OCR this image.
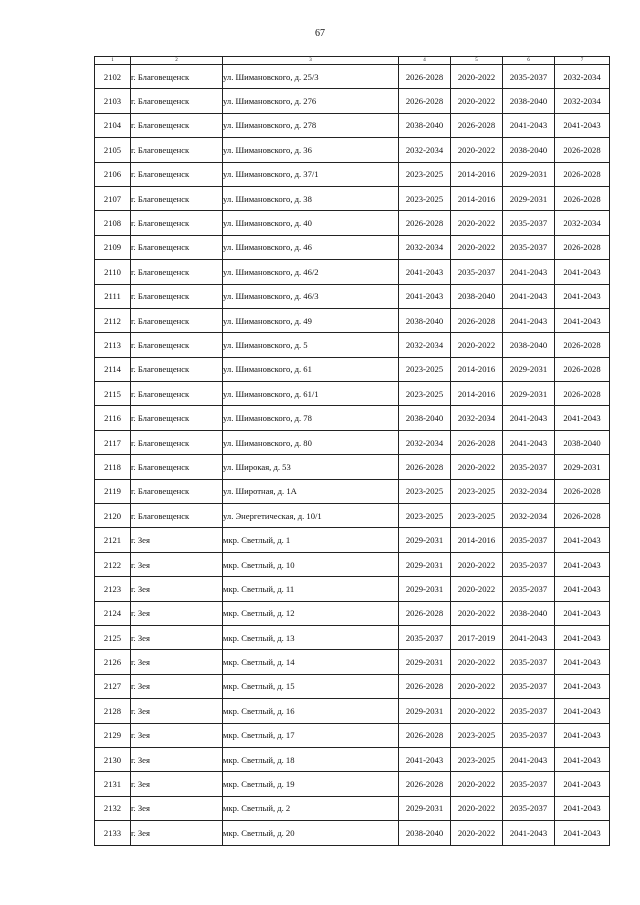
67
1	2	3	4	5	6	7
2102	г. Благовещенск	ул. Шимановского, д. 25/3	2026-2028	2020-2022	2035-2037	2032-2034
2103	г. Благовещенск	ул. Шимановского, д. 276	2026-2028	2020-2022	2038-2040	2032-2034
2104	г. Благовещенск	ул. Шимановского, д. 278	2038-2040	2026-2028	2041-2043	2041-2043
2105	г. Благовещенск	ул. Шимановского, д. 36	2032-2034	2020-2022	2038-2040	2026-2028
2106	г. Благовещенск	ул. Шимановского, д. 37/1	2023-2025	2014-2016	2029-2031	2026-2028
2107	г. Благовещенск	ул. Шимановского, д. 38	2023-2025	2014-2016	2029-2031	2026-2028
2108	г. Благовещенск	ул. Шимановского, д. 40	2026-2028	2020-2022	2035-2037	2032-2034
2109	г. Благовещенск	ул. Шимановского, д. 46	2032-2034	2020-2022	2035-2037	2026-2028
2110	г. Благовещенск	ул. Шимановского, д. 46/2	2041-2043	2035-2037	2041-2043	2041-2043
2111	г. Благовещенск	ул. Шимановского, д. 46/3	2041-2043	2038-2040	2041-2043	2041-2043
2112	г. Благовещенск	ул. Шимановского, д. 49	2038-2040	2026-2028	2041-2043	2041-2043
2113	г. Благовещенск	ул. Шимановского, д. 5	2032-2034	2020-2022	2038-2040	2026-2028
2114	г. Благовещенск	ул. Шимановского, д. 61	2023-2025	2014-2016	2029-2031	2026-2028
2115	г. Благовещенск	ул. Шимановского, д. 61/1	2023-2025	2014-2016	2029-2031	2026-2028
2116	г. Благовещенск	ул. Шимановского, д. 78	2038-2040	2032-2034	2041-2043	2041-2043
2117	г. Благовещенск	ул. Шимановского, д. 80	2032-2034	2026-2028	2041-2043	2038-2040
2118	г. Благовещенск	ул. Широкая, д. 53	2026-2028	2020-2022	2035-2037	2029-2031
2119	г. Благовещенск	ул. Широтная, д. 1А	2023-2025	2023-2025	2032-2034	2026-2028
2120	г. Благовещенск	ул. Энергетическая, д. 10/1	2023-2025	2023-2025	2032-2034	2026-2028
2121	г. Зея	мкр. Светлый, д. 1	2029-2031	2014-2016	2035-2037	2041-2043
2122	г. Зея	мкр. Светлый, д. 10	2029-2031	2020-2022	2035-2037	2041-2043
2123	г. Зея	мкр. Светлый, д. 11	2029-2031	2020-2022	2035-2037	2041-2043
2124	г. Зея	мкр. Светлый, д. 12	2026-2028	2020-2022	2038-2040	2041-2043
2125	г. Зея	мкр. Светлый, д. 13	2035-2037	2017-2019	2041-2043	2041-2043
2126	г. Зея	мкр. Светлый, д. 14	2029-2031	2020-2022	2035-2037	2041-2043
2127	г. Зея	мкр. Светлый, д. 15	2026-2028	2020-2022	2035-2037	2041-2043
2128	г. Зея	мкр. Светлый, д. 16	2029-2031	2020-2022	2035-2037	2041-2043
2129	г. Зея	мкр. Светлый, д. 17	2026-2028	2023-2025	2035-2037	2041-2043
2130	г. Зея	мкр. Светлый, д. 18	2041-2043	2023-2025	2041-2043	2041-2043
2131	г. Зея	мкр. Светлый, д. 19	2026-2028	2020-2022	2035-2037	2041-2043
2132	г. Зея	мкр. Светлый, д. 2	2029-2031	2020-2022	2035-2037	2041-2043
2133	г. Зея	мкр. Светлый, д. 20	2038-2040	2020-2022	2041-2043	2041-2043
